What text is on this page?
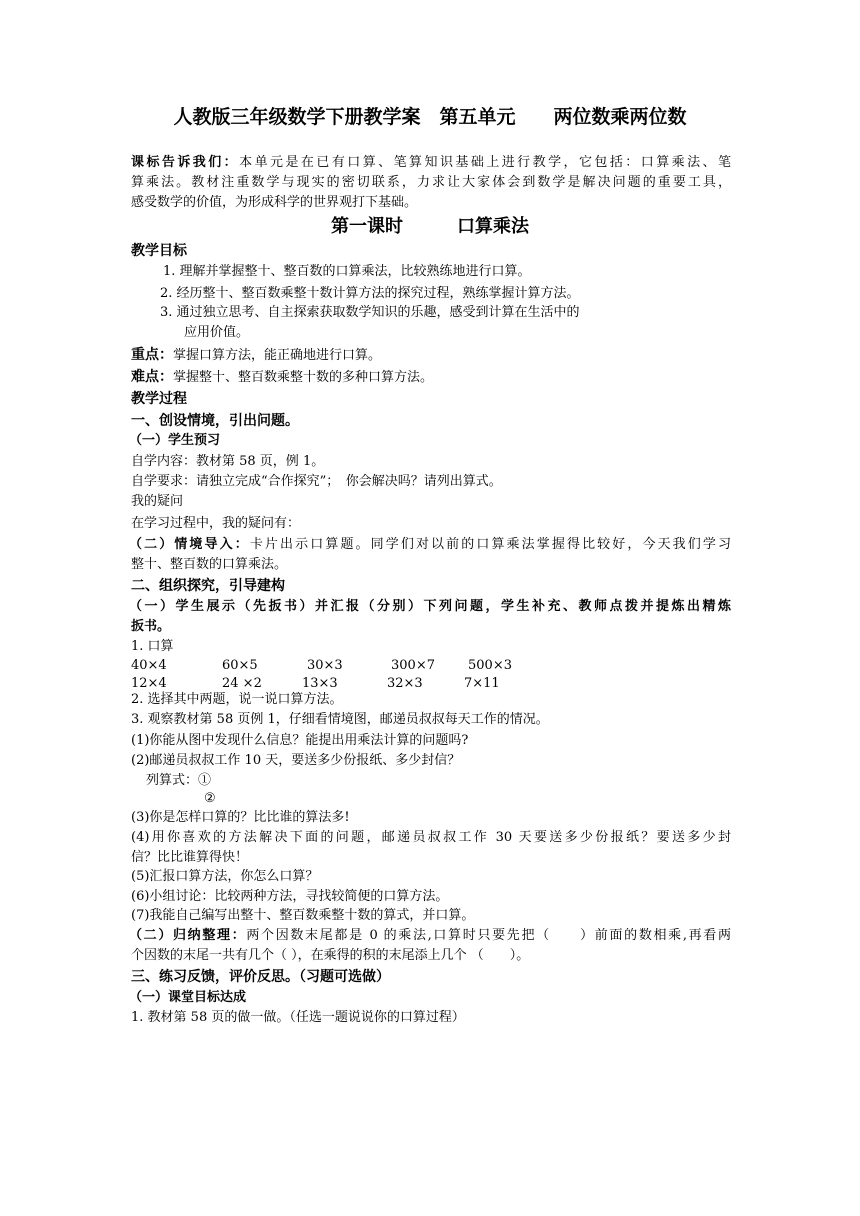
人教版三年级数学下册教学案　第五单元　　两位数乘两位数
课标告诉我们：本单元是在已有口算、笔算知识基础上进行教学，它包括：口算乘法、笔
算乘法。教材注重数学与现实的密切联系，力求让大家体会到数学是解决问题的重要工具，
感受数学的价值，为形成科学的世界观打下基础。
第一课时　　　口算乘法
教学目标
1. 理解并掌握整十、整百数的口算乘法，比较熟练地进行口算。
2. 经历整十、整百数乘整十数计算方法的探究过程，熟练掌握计算方法。
3. 通过独立思考、自主探索获取数学知识的乐趣，感受到计算在生活中的
应用价值。
重点：掌握口算方法，能正确地进行口算。
难点：掌握整十、整百数乘整十数的多种口算方法。
教学过程
一、创设情境，引出问题。
（一）学生预习
自学内容：教材第 58 页，例 1。
自学要求：请独立完成“合作探究”；　你会解决吗？请列出算式。
我的疑问
在学习过程中，我的疑问有：
（二）情境导入：卡片出示口算题。同学们对以前的口算乘法掌握得比较好，今天我们学习
整十、整百数的口算乘法。
二、组织探究，引导建构
（一）学生展示（先扳书）并汇报（分别）下列问题，学生补充、教师点拨并提炼出精炼
扳书。
1. 口算
40×4	60×5	30×3	300×7	500×3
12×4	24 ×2	13×3	32×3	7×11
2. 选择其中两题，说一说口算方法。
3. 观察教材第 58 页例 1，仔细看情境图，邮递员叔叔每天工作的情况。
(1)你能从图中发现什么信息？能提出用乘法计算的问题吗?
(2)邮递员叔叔工作 10 天，要送多少份报纸、多少封信？
列算式：①
②
(3)你是怎样口算的？比比谁的算法多!
(4)用你喜欢的方法解决下面的问题，邮递员叔叔工作 30 天要送多少份报纸？要送多少封
信？比比谁算得快！
(5)汇报口算方法，你怎么口算？
(6)小组讨论：比较两种方法，寻找较简便的口算方法。
(7)我能自己编写出整十、整百数乘整十数的算式，并口算。
（二）归纳整理：两个因数末尾都是 0 的乘法,口算时只要先把（　　）前面的数相乘,再看两
个因数的末尾一共有几个（ ），在乘得的积的末尾添上几个 （　　）。
三、练习反馈，评价反思。（习题可选做）
（一）课堂目标达成
1. 教材第 58 页的做一做。（任选一题说说你的口算过程）
